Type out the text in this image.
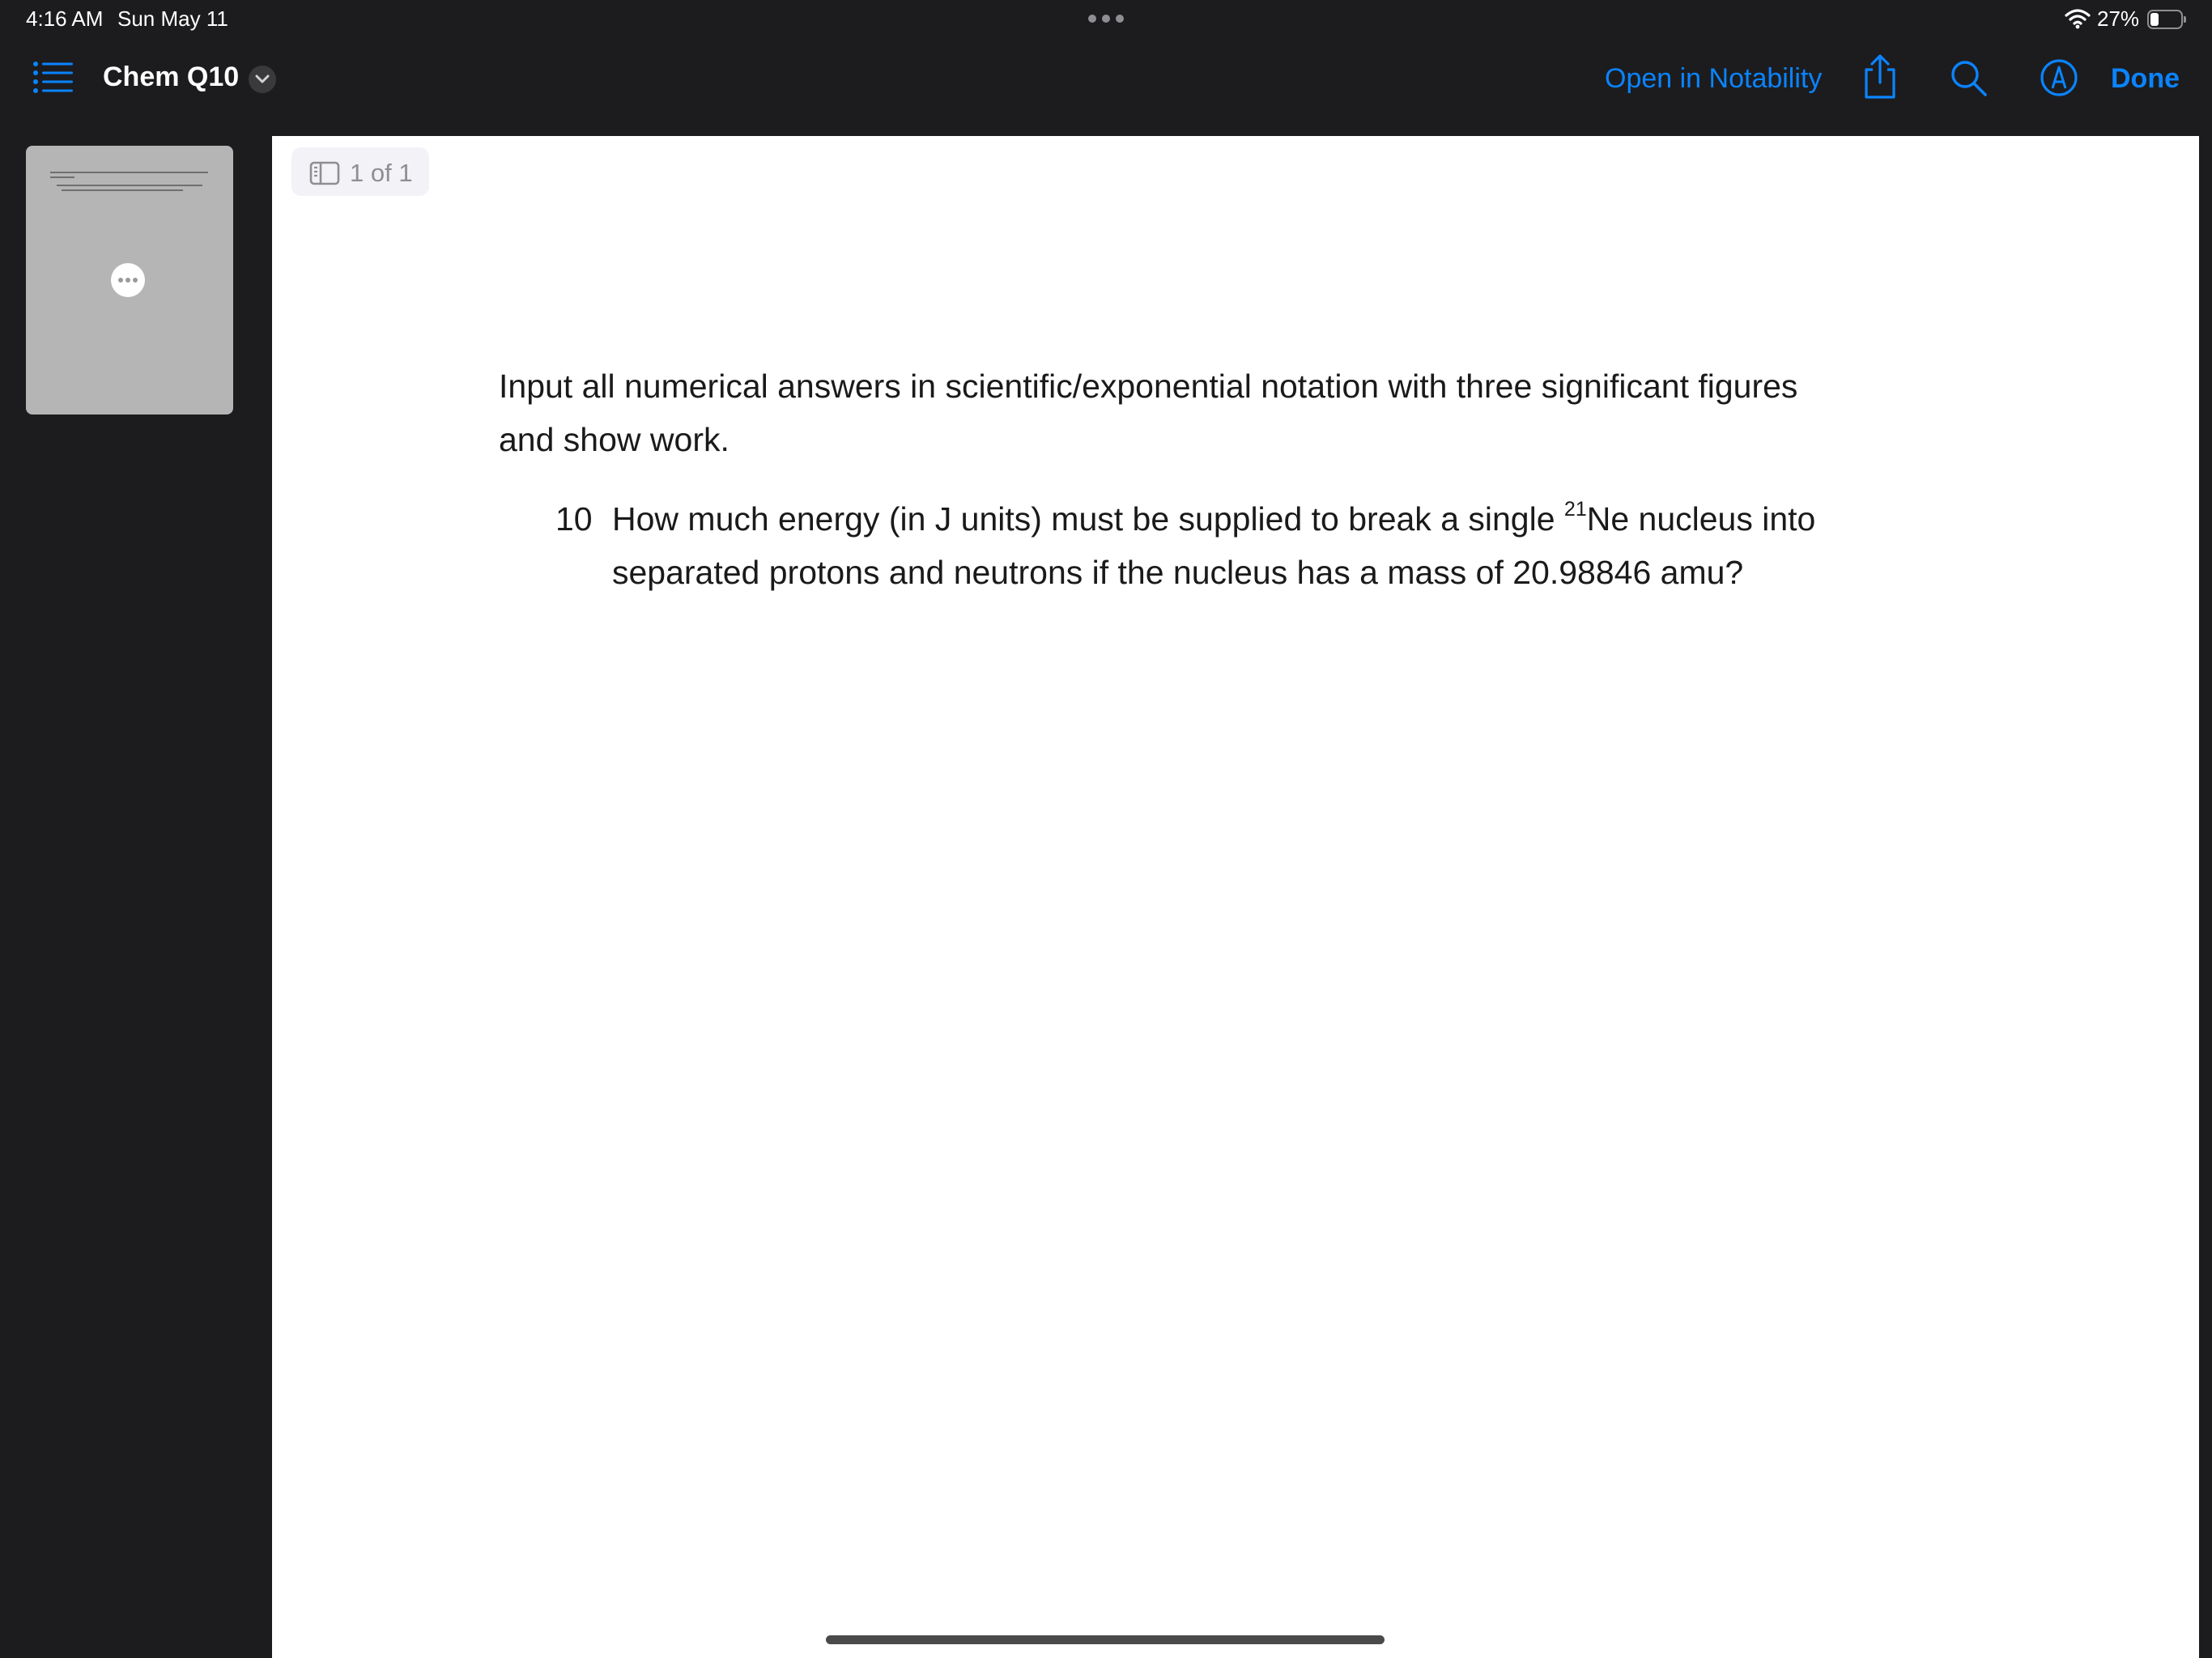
4:16 AM Sun May 11	27%
Chem Q10	Open in Notability	Done
1 of 1
Input all numerical answers in scientific/exponential notation with three significant figures
and show work.
10 How much energy (in J units) must be supplied to break a single $^{21}$Ne nucleus into
separated protons and neutrons if the nucleus has a mass of 20.98846 amu?
